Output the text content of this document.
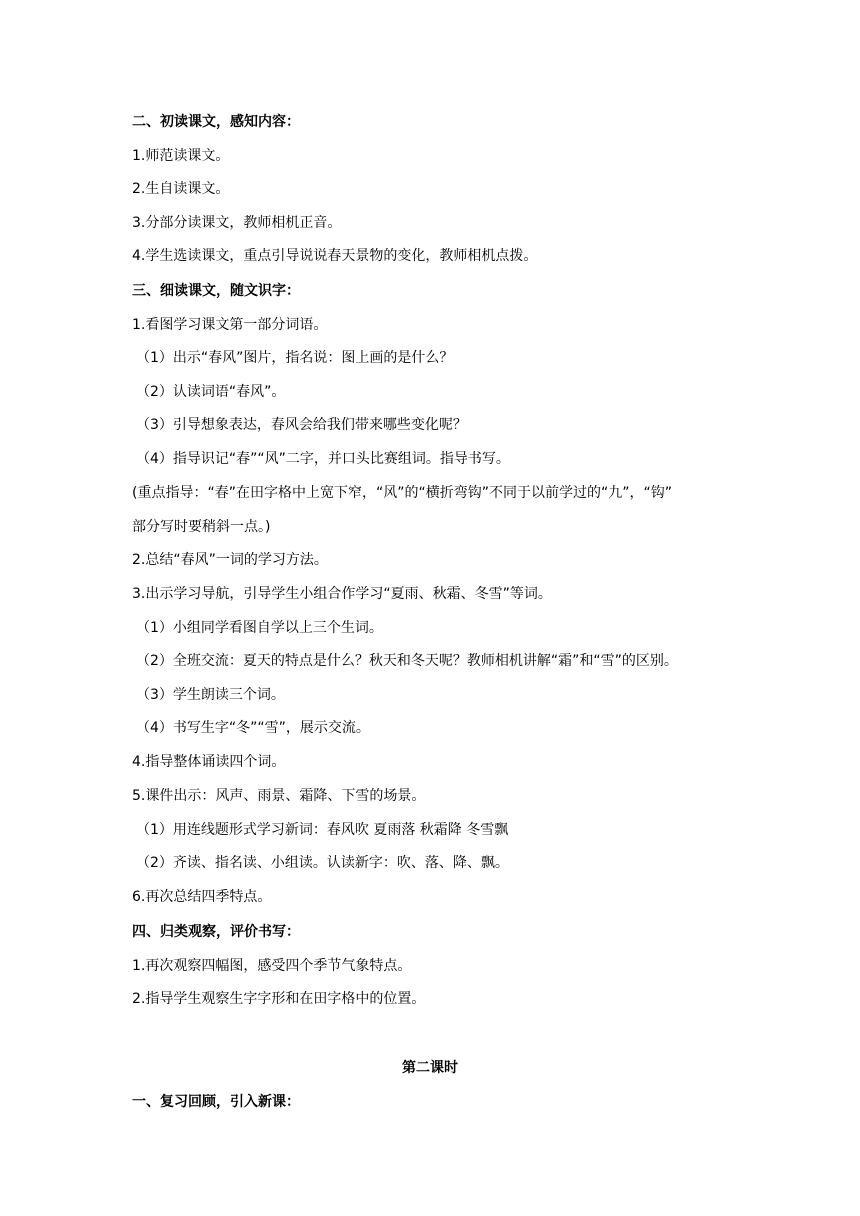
二、初读课文，感知内容：
1.师范读课文。
2.生自读课文。
3.分部分读课文，教师相机正音。
4.学生选读课文，重点引导说说春天景物的变化，教师相机点拨。
三、细读课文，随文识字：
1.看图学习课文第一部分词语。
（1）出示“春风”图片，指名说：图上画的是什么？
（2）认读词语“春风”。
（3）引导想象表达，春风会给我们带来哪些变化呢？
（4）指导识记“春”“风”二字，并口头比赛组词。指导书写。
(重点指导：“春”在田字格中上宽下窄，“风”的“横折弯钩”不同于以前学过的“九”，“钩”
部分写时要稍斜一点。)
2.总结“春风”一词的学习方法。
3.出示学习导航，引导学生小组合作学习“夏雨、秋霜、冬雪”等词。
（1）小组同学看图自学以上三个生词。
（2）全班交流：夏天的特点是什么？秋天和冬天呢？教师相机讲解“霜”和“雪”的区别。
（3）学生朗读三个词。
（4）书写生字“冬”“雪”，展示交流。
4.指导整体诵读四个词。
5.课件出示：风声、雨景、霜降、下雪的场景。
（1）用连线题形式学习新词：春风吹 夏雨落 秋霜降 冬雪飘
（2）齐读、指名读、小组读。认读新字：吹、落、降、飘。
6.再次总结四季特点。
四、归类观察，评价书写：
1.再次观察四幅图，感受四个季节气象特点。
2.指导学生观察生字字形和在田字格中的位置。
第二课时
一、复习回顾，引入新课：
